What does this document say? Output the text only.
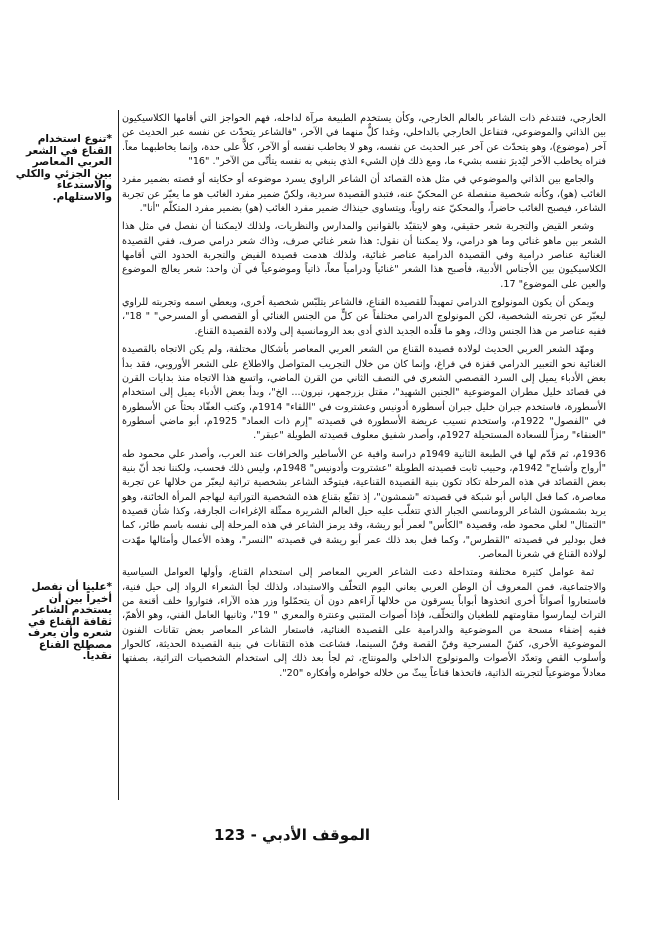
*تنوع استخدام القناع في الشعر العربي المعاصر بين الجزئي والكلي والاستدعاء والاستلهام.
*علينا أن نفصل أخيراً بين أن يستخدم الشاعر ثقافة القناع في شعره وأن يعرف مصطلح القناع نقدياً.

الخارجي، فتندغم ذات الشاعر بالعالم الخارجي، وكأن يستخدم الطبيعة مرآة لداخله، فهم الحواجز التي أقامها الكلاسيكيون بين الذاتي والموضوعي، فتفاعل الخارجي بالداخلي، وغدا كلٌّ منهما في الآخر، "فالشاعر يتحدّث عن نفسه عبر الحديث عن آخر (موضوع)، وهو يتحدّث عن آخر عبر الحديث عن نفسه، وهو لا يخاطب نفسه أو الآخر، كلاًّ على حدة، وإنما يخاطبهما معاً. فنراه يخاطب الآخر ليُديرَ نفسه بشيء ما، ومع ذلك فإن الشيء الذي ينبغي به نفسه يتأتّى من الآخر". "16"

والجامع بين الذاتي والموضوعي في مثل هذه القصائد أن الشاعر الراوي يسرد موضوعه أو حكايته أو قصته بضمير مفرد الغائب (هو)، وكأنه شخصية منفصلة عن المحكيّ عنه، فتبدو القصيدة سردية، ولكنّ ضمير مفرد الغائب هو ما يعبّر عن تجربة الشاعر، فيصبح الغائب حاضراً، والمحكيّ عنه راوياً، ويتساوى حينذاك ضمير مفرد الغائب (هو) بضمير مفرد المتكلّم "أنا".

وشعر القيض والتجربة شعر حقيقي، وهو لايتقيّد بالقوانين والمدارس والنظريات، ولذلك لايمكننا أن نفصل في مثل هذا الشعر بين ماهو غنائي وما هو درامي، ولا يمكننا أن نقول: هذا شعر غنائي صرف، وذاك شعر درامي صرف، ففي القصيدة الغنائية عناصر درامية وفي القصيدة الدرامية عناصر غنائية، ولذلك هدمت قصيدة الفيض والتجربة الحدود التي أقامها الكلاسيكيون بين الأجناس الأدبية، فأصبح هذا الشعر "غنائياً ودرامياً معاً، ذاتياً وموضوعياً في آن واحد: شعر يعالج الموضوع والعين على الموضوع" 17.

ويمكن أن يكون المونولوج الدرامي تمهيداً للقصيدة القناع، فالشاعر يتلبّس شخصية أخرى، ويعطي اسمه وتجربته للراوي ليعبّر عن تجربته الشخصية، لكن المونولوج الدرامي مختلفاً عن كلٍّ من الجنس الغنائي أو القصصي أو المسرحي" " 18"، ففيه عناصر من هذا الجنس وذاك، وهو ما قلّده الجديد الذي أدى بعد الرومانسية إلى ولادة القصيدة القناع.

ومهّد الشعر العربي الحديث لولادة قصيدة القناع من الشعر العربي المعاصر بأشكال مختلفة، ولم يكن الاتجاه بالقصيدة الغنائية نحو التعبير الدرامي قفزة في فراغ، وإنما كان من خلال التجريب المتواصل والاطلاع على الشعر الأوروبي، فقد بدأ بعض الأدباء يميل إلى السرد القصصي الشعري في النصف الثاني من القرن الماضي، واتسع هذا الاتجاه منذ بدايات القرن في قصائد خليل مطران الموضوعية "الجنين الشهيد"، مقتل بزرجمهر، نيرون... الخ"، وبدأ بعض الأدباء يميل إلى استخدام الأسطورة، فاستخدم جبران خليل جبران أسطورة أدونيس وعشتروت في "اللقاء" 1914م، وكتب العقّاد بحثاً عن الأسطورة في "الفصول" 1922م، واستخدم نسيب عريضة الأسطورة في قصيدته "إرم ذات العماد" 1925م، أبو ماضي أسطورة "العنقاء" رمزاً للسعادة المستحيلة 1927م، وأصدر شفيق معلوف قصيدته الطويلة "عبقر".

1936م، ثم قدّم لها في الطبعة الثانية 1949م دراسة وافية عن الأساطير والخرافات عند العرب، وأصدر علي محمود طه "أرواح وأشباح" 1942م، وحبيب ثابت قصيدته الطويلة "عشتروت وأدونيس" 1948م، وليس ذلك فحسب، ولكننا نجد أنّ بنية بعض القصائد في هذه المرحلة تكاد تكون بنية القصيدة القناعية، فيتوحّد الشاعر بشخصية تراثية ليعبّر من خلالها عن تجربة معاصرة، كما فعل الياس أبو شبكة في قصيدته "شمشون"، إذ تقنّع بقناع هذه الشخصية التوراتية ليهاجم المرأة الخائنة، وهو يريد بشمشون الشاعر الرومانسي الجبار الذي تتغلّب عليه حيل العالم الشريرة ممثّلة الإغراءات الجارفة، وكذا شأن قصيدة "التمثال" لعلي محمود طه، وقصيدة "الكأس" لعمر أبو ريشة، وقد يرمز الشاعر في هذه المرحلة إلى نفسه باسم طائر، كما فعل بودلير في قصيدته "القطرس"، وكما فعل بعد ذلك عمر أبو ريشة في قصيدته "النسر"، وهذه الأعمال وأمثالها مهّدت لولادة القناع في شعرنا المعاصر.

ثمة عوامل كثيرة مختلفة ومتداخلة دعت الشاعر العربي المعاصر إلى استخدام القناع، وأولها العوامل السياسية والاجتماعية، فمن المعروف أن الوطن العربي يعاني اليوم التخلّف والاستبداد، ولذلك لجأ الشعراء الرواد إلى حيل فنية، فاستعاروا أصواتاً أخرى اتخذوها أبواباً يسرقون من خلالها آراءهم دون أن يتحمّلوا وزر هذه الآراء، فتواروا خلف أقنعة من التراث ليمارسوا مقاومتهم للطغيان والتخلّف، فإذا أصوات المتنبي وعنترة والمعري " 19"، وثانيها العامل الفني، وهو الأهمّ، ففيه إضفاء مسحة من الموضوعية والدرامية على القصيدة الغنائية، فاستعار الشاعر المعاصر بعض تقانات الفنون الموضوعية الأخرى، كفنّ المسرحية وفنّ القصة وفنّ السينما، فشاعت هذه التقانات في بنية القصيدة الحديثة، كالحوار وأسلوب القص وتعدّد الأصوات والمونولوج الداخلي والمونتاج، ثم لجأ بعد ذلك إلى استخدام الشخصيات التراثية، بصفتها معادلاً موضوعياً لتجربته الذاتية، فاتخذها قناعاً يبثّ من خلاله خواطره وأفكاره "20".

الموقف الأدبي - 123
